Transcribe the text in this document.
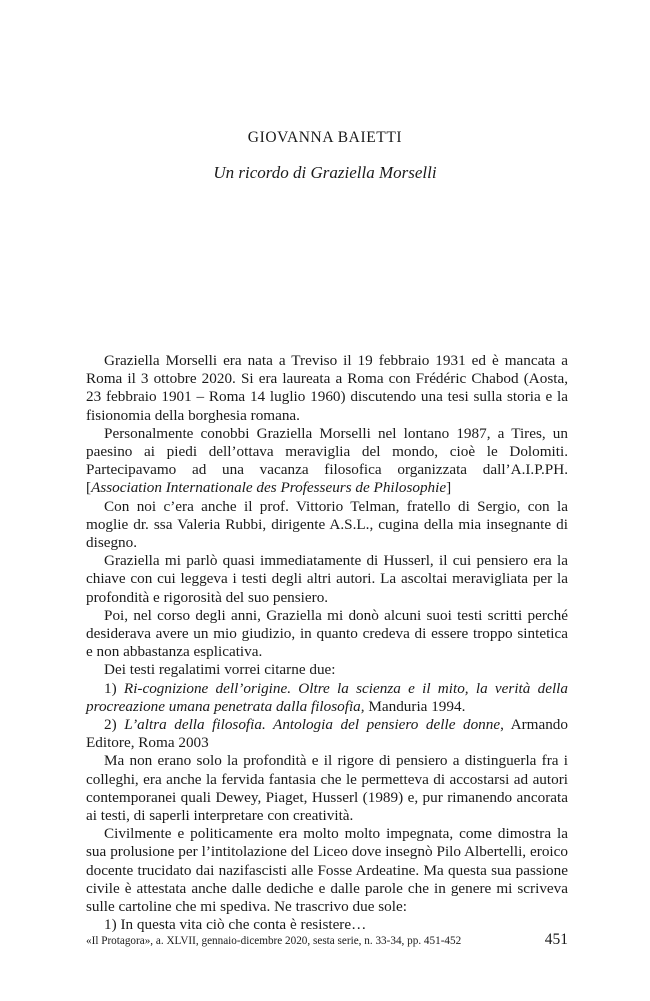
GIOVANNA BAIETTI
Un ricordo di Graziella Morselli

Graziella Morselli era nata a Treviso il 19 febbraio 1931 ed è mancata a Roma il 3 ottobre 2020. Si era laureata a Roma con Frédéric Chabod (Aosta, 23 febbraio 1901 – Roma 14 luglio 1960) discutendo una tesi sulla storia e la fisionomia della borghesia romana.

Personalmente conobbi Graziella Morselli nel lontano 1987, a Tires, un paesino ai piedi dell’ottava meraviglia del mondo, cioè le Dolomiti. Partecipavamo ad una vacanza filosofica organizzata dall’A.I.P.PH. [Association Internationale des Professeurs de Philosophie]

Con noi c’era anche il prof. Vittorio Telman, fratello di Sergio, con la moglie dr. ssa Valeria Rubbi, dirigente A.S.L., cugina della mia insegnante di disegno.

Graziella mi parlò quasi immediatamente di Husserl, il cui pensiero era la chiave con cui leggeva i testi degli altri autori. La ascoltai meravigliata per la profondità e rigorosità del suo pensiero.

Poi, nel corso degli anni, Graziella mi donò alcuni suoi testi scritti perché desiderava avere un mio giudizio, in quanto credeva di essere troppo sintetica e non abbastanza esplicativa.

Dei testi regalatimi vorrei citarne due:

1) Ri-cognizione dell’origine. Oltre la scienza e il mito, la verità della procreazione umana penetrata dalla filosofia, Manduria 1994.

2) L’altra della filosofia. Antologia del pensiero delle donne, Armando Editore, Roma 2003

Ma non erano solo la profondità e il rigore di pensiero a distinguerla fra i colleghi, era anche la fervida fantasia che le permetteva di accostarsi ad autori contemporanei quali Dewey, Piaget, Husserl (1989) e, pur rimanendo ancorata ai testi, di saperli interpretare con creatività.

Civilmente e politicamente era molto molto impegnata, come dimostra la sua prolusione per l’intitolazione del Liceo dove insegnò Pilo Albertelli, eroico docente trucidato dai nazifascisti alle Fosse Ardeatine. Ma questa sua passione civile è attestata anche dalle dediche e dalle parole che in genere mi scriveva sulle cartoline che mi spediva. Ne trascrivo due sole:

1) In questa vita ciò che conta è resistere…

«Il Protagora», a. XLVII, gennaio-dicembre 2020, sesta serie, n. 33-34, pp. 451-452	451
